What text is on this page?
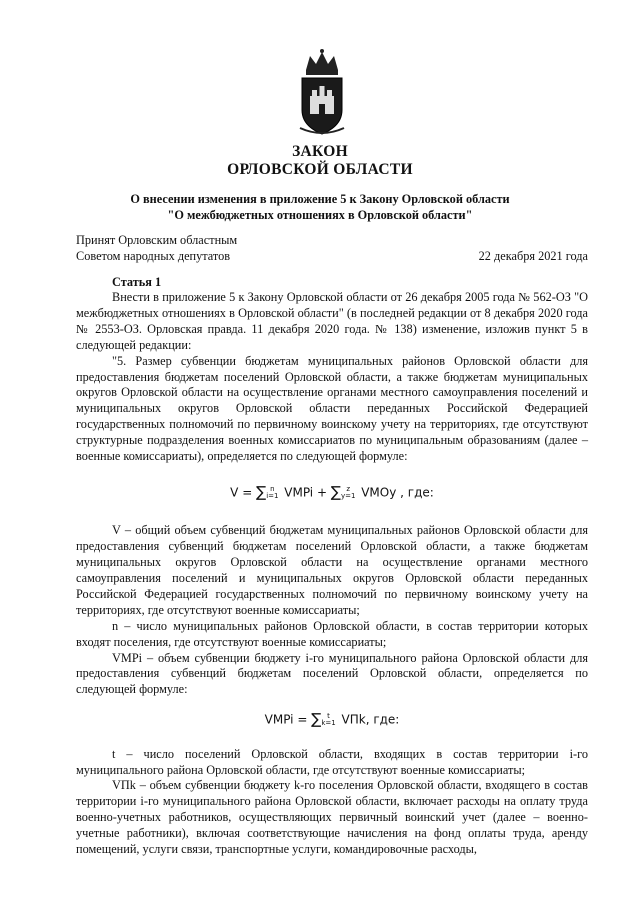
ЗАКОН
ОРЛОВСКОЙ ОБЛАСТИ
О внесении изменения в приложение 5 к Закону Орловской области
"О межбюджетных отношениях в Орловской области"
Принят Орловским областным
Советом народных депутатов	22 декабря 2021 года
Статья 1

Внести в приложение 5 к Закону Орловской области от 26 декабря 2005 года № 562-ОЗ "О межбюджетных отношениях в Орловской области" (в последней редакции от 8 декабря 2020 года № 2553-ОЗ. Орловская правда. 11 декабря 2020 года. № 138) изменение, изложив пункт 5 в следующей редакции:

"5. Размер субвенции бюджетам муниципальных районов Орловской области для предоставления бюджетам поселений Орловской области, а также бюджетам муниципальных округов Орловской области на осуществление органами местного самоуправления поселений и муниципальных округов Орловской области переданных Российской Федерацией государственных полномочий по первичному воинскому учету на территориях, где отсутствуют структурные подразделения военных комиссариатов по муниципальным образованиям (далее – военные комиссариаты), определяется по следующей формуле:

V = ∑ n
i=1 VMPi + ∑ z
y=1 VMOy , где:

V – общий объем субвенций бюджетам муниципальных районов Орловской области для предоставления субвенций бюджетам поселений Орловской области, а также бюджетам муниципальных округов Орловской области на осуществление органами местного самоуправления поселений и муниципальных округов Орловской области переданных Российской Федерацией государственных полномочий по первичному воинскому учету на территориях, где отсутствуют военные комиссариаты;

n – число муниципальных районов Орловской области, в состав территории которых входят поселения, где отсутствуют военные комиссариаты;

VMPi – объем субвенции бюджету i-го муниципального района Орловской области для предоставления субвенций бюджетам поселений Орловской области, определяется по следующей формуле:

VMPi = ∑ t
k=1 VПk, где:

t – число поселений Орловской области, входящих в состав территории i-го муниципального района Орловской области, где отсутствуют военные комиссариаты;

VПk – объем субвенции бюджету k-го поселения Орловской области, входящего в состав территории i-го муниципального района Орловской области, включает расходы на оплату труда военно-учетных работников, осуществляющих первичный воинский учет (далее – военно-учетные работники), включая соответствующие начисления на фонд оплаты труда, аренду помещений, услуги связи, транспортные услуги, командировочные расходы,
